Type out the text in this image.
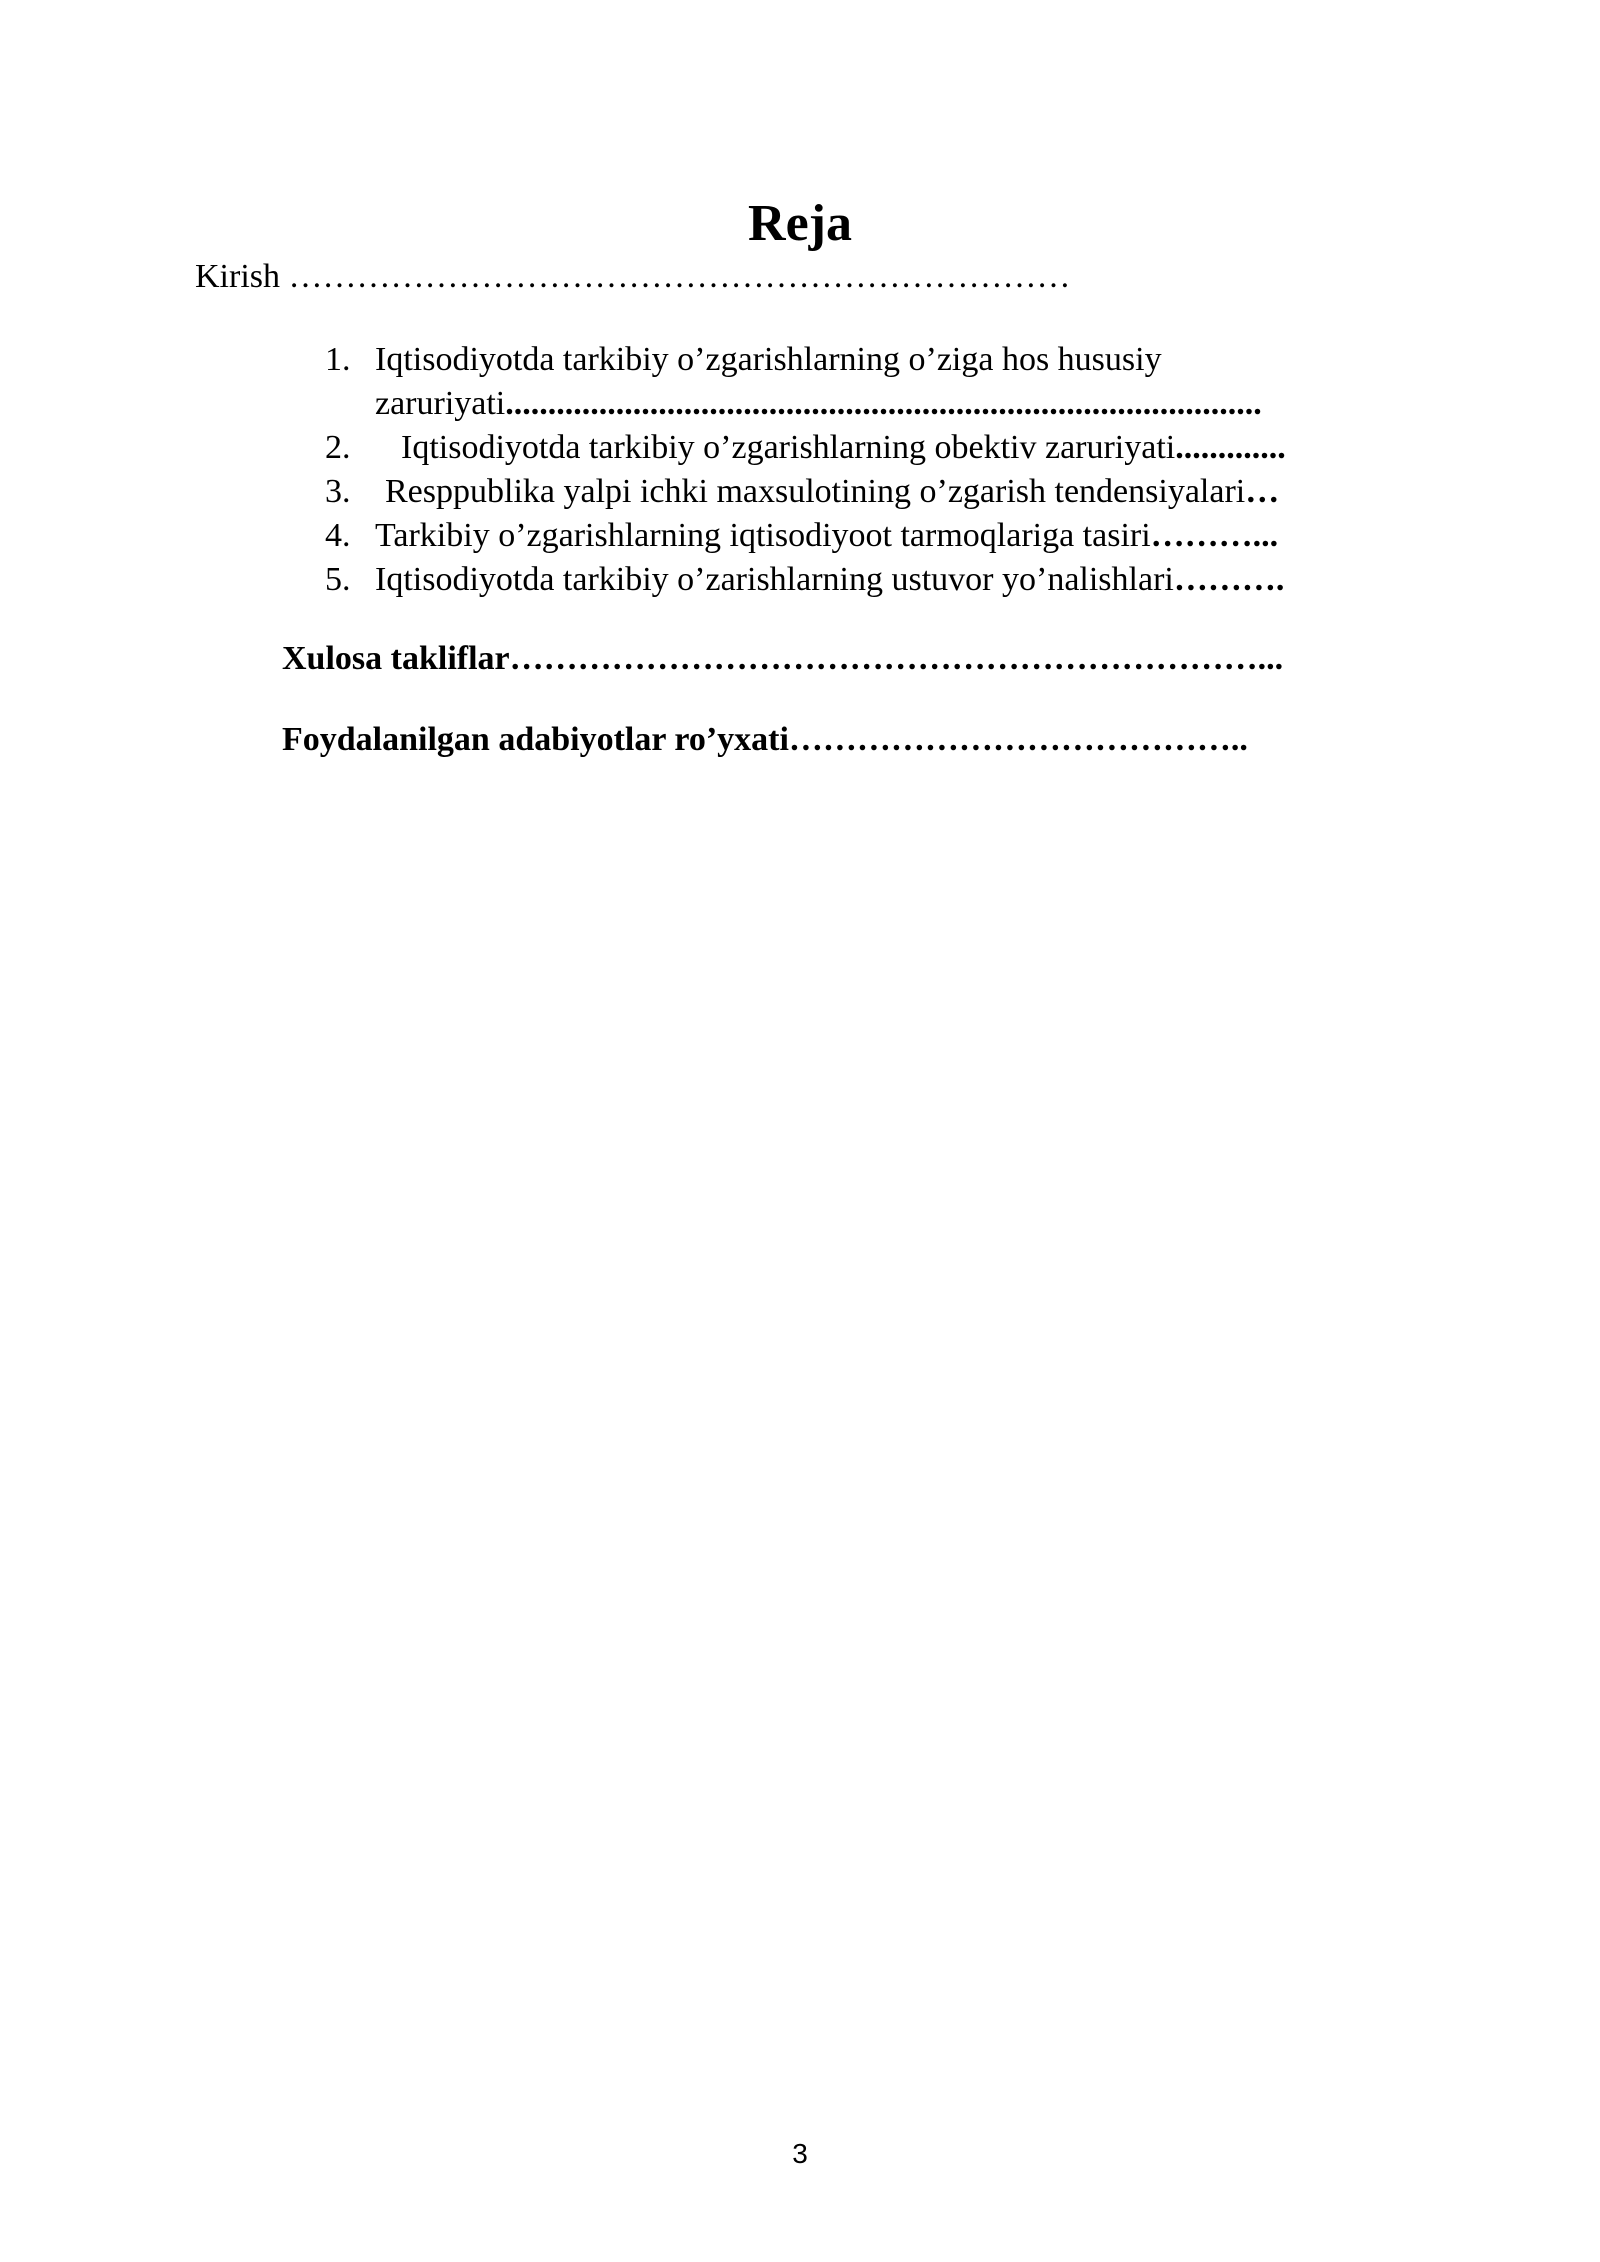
Reja
Kirish ……………………………………………………………
1. Iqtisodiyotda tarkibiy o’zgarishlarning o’ziga hos hususiy zaruriyati.........................................................................................
2. Iqtisodiyotda tarkibiy o’zgarishlarning obektiv zaruriyati.............
3. Resppublika yalpi ichki maxsulotining o’zgarish tendensiyalari…
4. Tarkibiy o’zgarishlarning iqtisodiyoot tarmoqlariga tasiri………...
5. Iqtisodiyotda tarkibiy o’zarishlarning ustuvor yo’nalishlari……….
Xulosa takliflar…………………………………………………………...
Foydalanilgan adabiyotlar ro’yxati…………………………………..
3
